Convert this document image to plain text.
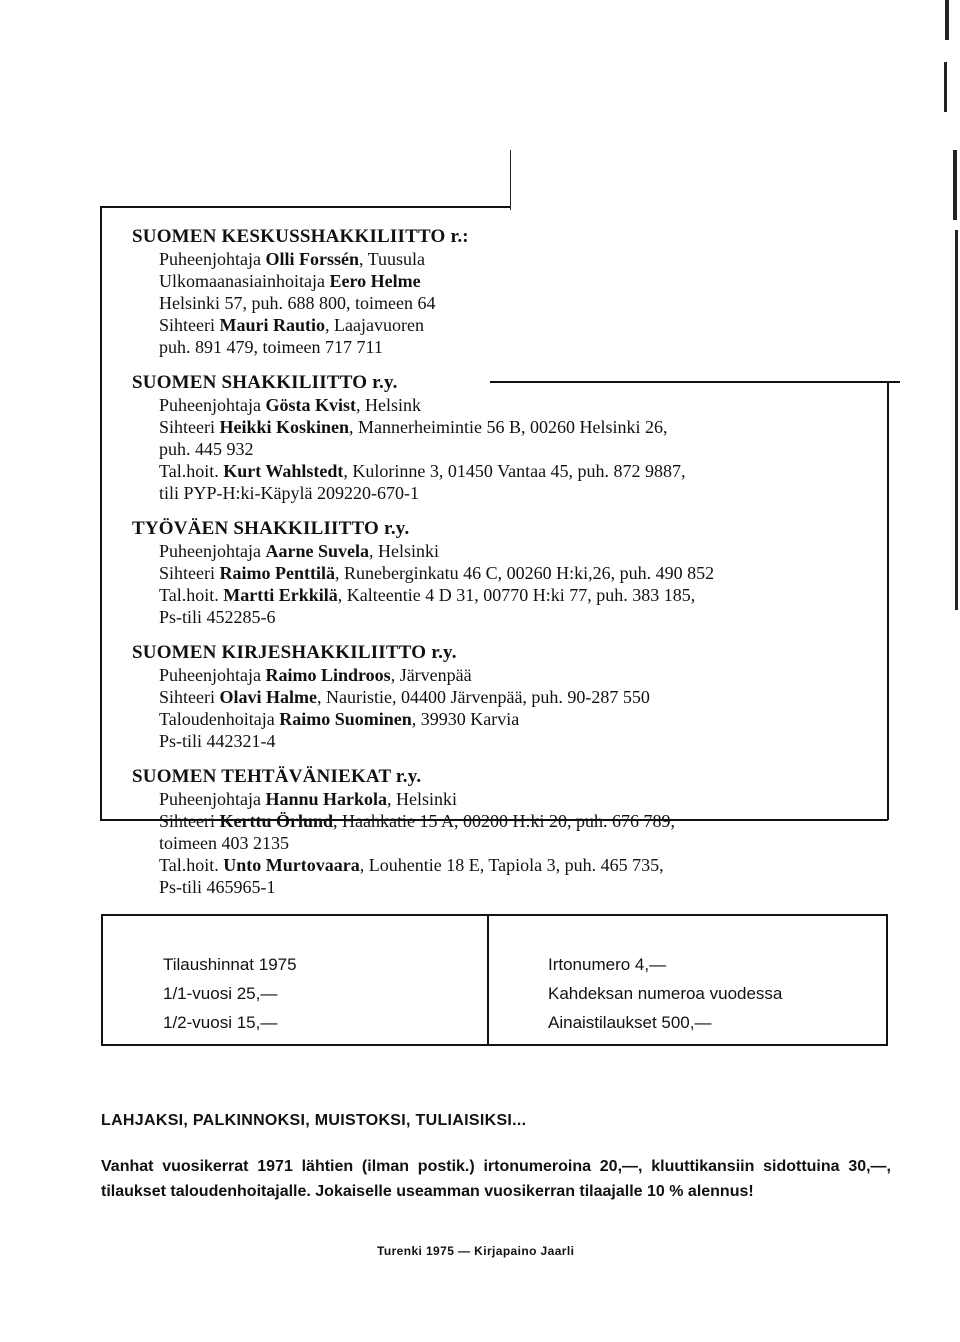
SUOMEN KESKUSSHAKKILIITTO r.:
Puheenjohtaja Olli Forssén, Tuusula
Ulkomaanasiainhoitaja Eero Helme
Helsinki 57, puh. 688 800, toimeen 64
Sihteeri Mauri Rautio, Laajavuoren
puh. 891 479, toimeen 717 711
SUOMEN SHAKKILIITTO r.y.
Puheenjohtaja Gösta Kvist, Helsink
Sihteeri Heikki Koskinen, Mannerheimintie 56 B, 00260 Helsinki 26,
puh. 445 932
Tal.hoit. Kurt Wahlstedt, Kulorinne 3, 01450 Vantaa 45, puh. 872 9887,
tili PYP-H:ki-Käpylä 209220-670-1
TYÖVÄEN SHAKKILIITTO r.y.
Puheenjohtaja Aarne Suvela, Helsinki
Sihteeri Raimo Penttilä, Runeberginkatu 46 C, 00260 H:ki,26, puh. 490 852
Tal.hoit. Martti Erkkilä, Kalteentie 4 D 31, 00770 H:ki 77, puh. 383 185,
Ps-tili 452285-6
SUOMEN KIRJESHAKKILIITTO r.y.
Puheenjohtaja Raimo Lindroos, Järvenpää
Sihteeri Olavi Halme, Nauristie, 04400 Järvenpää, puh. 90-287 550
Taloudenhoitaja Raimo Suominen, 39930 Karvia
Ps-tili 442321-4
SUOMEN TEHTÄVÄNIEKAT r.y.
Puheenjohtaja Hannu Harkola, Helsinki
Sihteeri Kerttu Örlund, Haahkatie 15 A, 00200 H:ki 20, puh. 676 789,
toimeen 403 2135
Tal.hoit. Unto Murtovaara, Louhentie 18 E, Tapiola 3, puh. 465 735,
Ps-tili 465965-1
Tilaushinnat 1975
1/1-vuosi 25,—
1/2-vuosi 15,—
Irtonumero 4,—
Kahdeksan numeroa vuodessa
Ainaistilaukset 500,—

LAHJAKSI, PALKINNOKSI, MUISTOKSI, TULIAISIKSI...

Vanhat vuosikerrat 1971 lähtien (ilman postik.) irtonumeroina 20,—, kluuttikansiin sidottuina 30,—, tilaukset taloudenhoitajalle. Jokaiselle useamman vuosikerran tilaajalle 10 % alennus!

Turenki 1975 — Kirjapaino Jaarli
